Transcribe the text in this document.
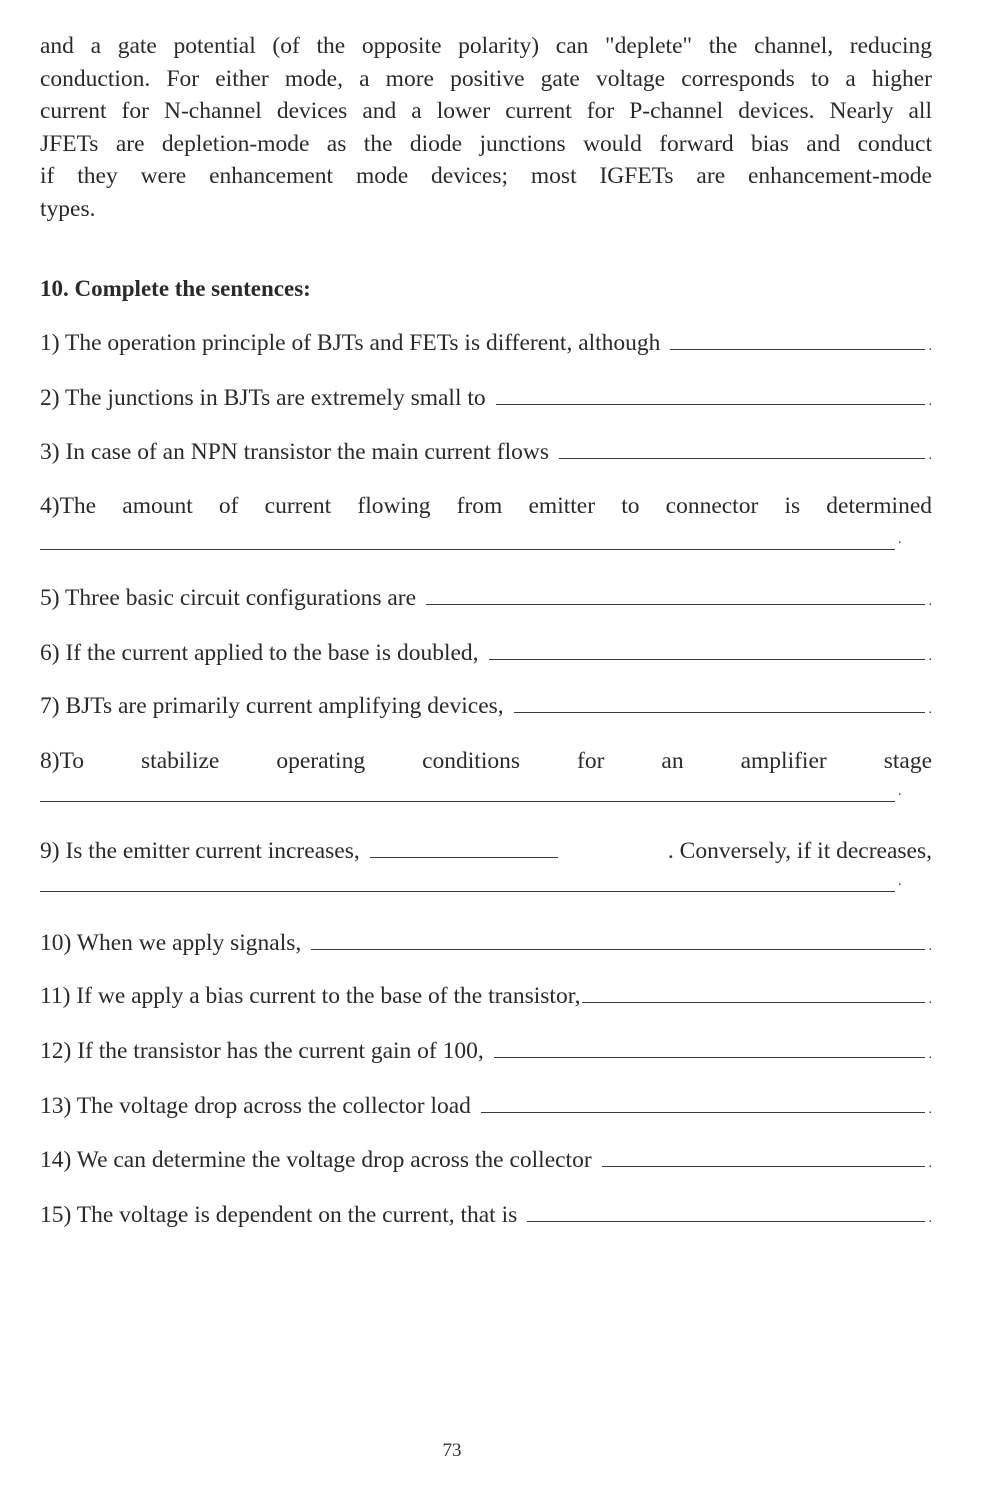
and a gate potential (of the opposite polarity) can "deplete" the channel, reducing
conduction. For either mode, a more positive gate voltage corresponds to a higher
current for N-channel devices and a lower current for P-channel devices. Nearly all
JFETs are depletion-mode as the diode junctions would forward bias and conduct
if they were enhancement mode devices; most IGFETs are enhancement-mode
types.
10. Complete the sentences:
1) The operation principle of BJTs and FETs is different, although	.
2) The junctions in BJTs are extremely small to	.
3) In case of an NPN transistor the main current flows	.
4)The amount of current flowing from emitter to connector is determined
.
5) Three basic circuit configurations are	.
6) If the current applied to the base is doubled,	.
7) BJTs are primarily current amplifying devices,	.
8)To stabilize operating conditions for an amplifier stage
.
9) Is the emitter current increases,	. Conversely, if it decreases,
.
10) When we apply signals,	.
11) If we apply a bias current to the base of the transistor,	.
12) If the transistor has the current gain of 100,	.
13) The voltage drop across the collector load	.
14) We can determine the voltage drop across the collector	.
15) The voltage is dependent on the current, that is	.
73
